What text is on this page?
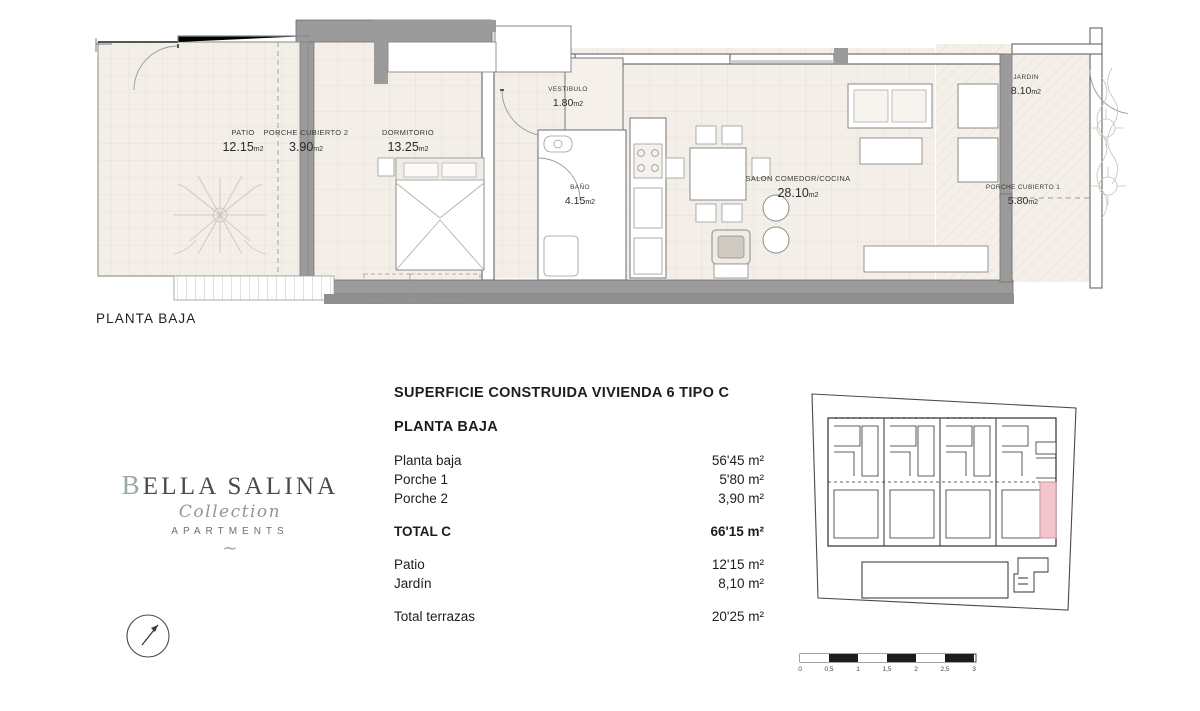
PATIO
12.15m2
PORCHE CUBIERTO 2
3.90m2
DORMITORIO
13.25m2
VESTIBULO
1.80m2
BAÑO
4.15m2
SALON COMEDOR/COCINA
28.10m2
JARDIN
8.10m2
PORCHE CUBIERTO 1
5.80m2
PLANTA BAJA
SUPERFICIE CONSTRUIDA VIVIENDA 6 TIPO C
PLANTA BAJA
Planta baja	56'45 m²
Porche 1	5'80 m²
Porche 2	3,90 m²
TOTAL C	66'15 m²
Patio	12'15 m²
Jardín	8,10 m²
Total terrazas	20'25 m²
BELLA SALINA
Collection
APARTMENTS
∼
0	0,5	1	1,5	2	2,5	3
